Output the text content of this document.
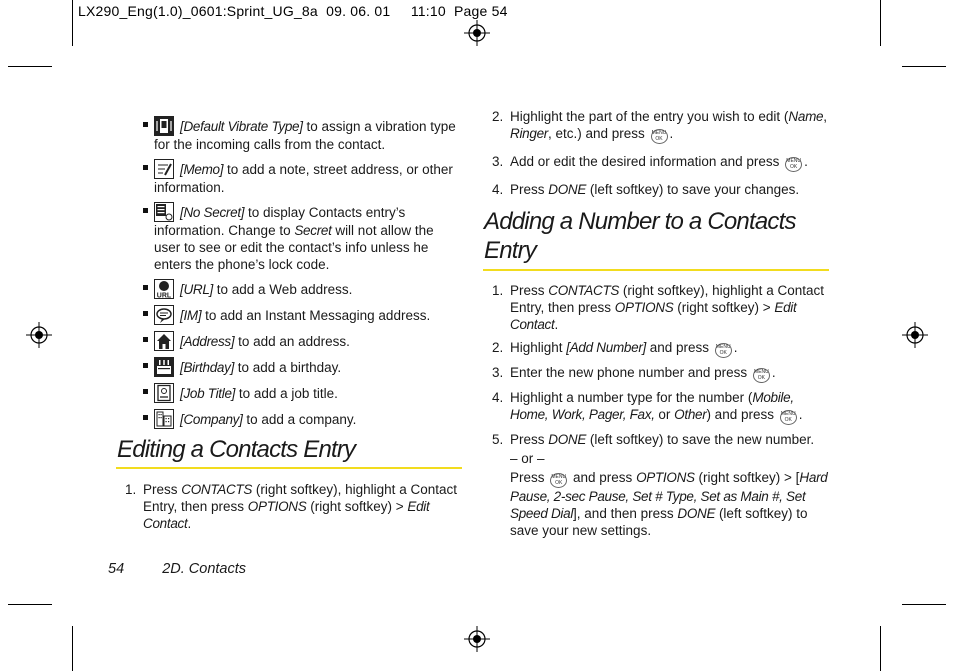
LX290_Eng(1.0)_0601:Sprint_UG_8a 09. 06. 01 11:10 Page 54
[Default Vibrate Type] to assign a vibration type for the incoming calls from the contact.
[Memo] to add a note, street address, or other information.
[No Secret] to display Contacts entry’s information. Change to Secret will not allow the user to see or edit the contact’s info unless he enters the phone’s lock code.
URL [URL] to add a Web address.
[IM] to add an Instant Messaging address.
[Address] to add an address.
[Birthday] to add a birthday.
[Job Title] to add a job title.
[Company] to add a company.
Editing a Contacts Entry
1. Press CONTACTS (right softkey), highlight a Contact Entry, then press OPTIONS (right softkey) > Edit Contact.
2. Highlight the part of the entry you wish to edit (Name, Ringer, etc.) and press MENU
OK .
3. Add or edit the desired information and press MENU
OK .
4. Press DONE (left softkey) to save your changes.
Adding a Number to a Contacts
Entry
1. Press CONTACTS (right softkey), highlight a Contact Entry, then press OPTIONS (right softkey) > Edit Contact.
2. Highlight [Add Number] and press MENU
OK .
3. Enter the new phone number and press MENU
OK .
4. Highlight a number type for the number (Mobile, Home, Work, Pager, Fax, or Other) and press MENU
OK .
5. Press DONE (left softkey) to save the new number.
– or –
Press MENU
OK and press OPTIONS (right softkey) > [Hard Pause, 2-sec Pause, Set # Type, Set as Main #, Set Speed Dial], and then press DONE (left softkey) to save your new settings.
54	2D. Contacts
